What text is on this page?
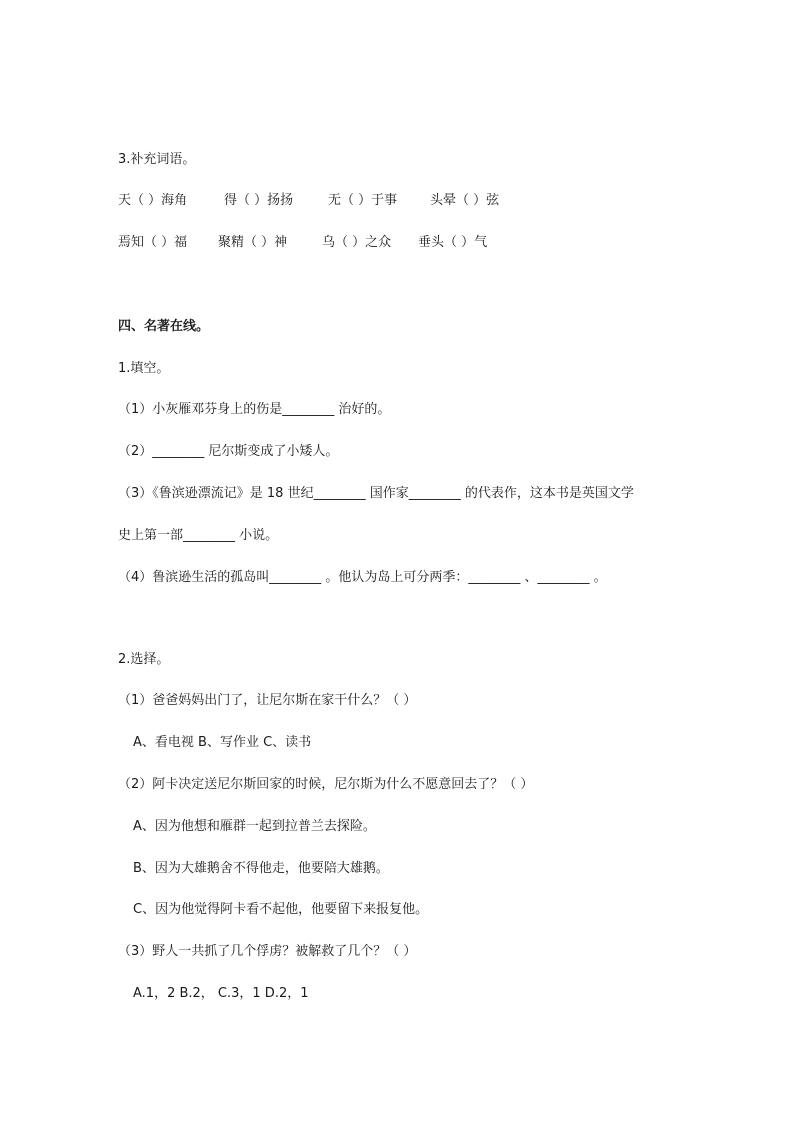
3.补充词语。
天（ ）海角	得（ ）扬扬	无（ ）于事	头晕（ ）弦
焉知（ ）福 聚精（ ）神	乌（ ）之众 垂头（ ）气
四、名著在线。
1.填空。
（1）小灰雁邓芬身上的伤是________ 治好的。
（2）________ 尼尔斯变成了小矮人。
（3）《鲁滨逊漂流记》是 18 世纪________ 国作家________ 的代表作，这本书是英国文学
史上第一部________ 小说。
（4）鲁滨逊生活的孤岛叫________ 。他认为岛上可分两季：________ 、________ 。
2.选择。
（1）爸爸妈妈出门了，让尼尔斯在家干什么？（ ）
A、看电视 B、写作业 C、读书
（2）阿卡决定送尼尔斯回家的时候，尼尔斯为什么不愿意回去了？（ ）
A、因为他想和雁群一起到拉普兰去探险。
B、因为大雄鹅舍不得他走，他要陪大雄鹅。
C、因为他觉得阿卡看不起他，他要留下来报复他。
（3）野人一共抓了几个俘虏？被解救了几个？（ ）
A.1，2 B.2， C.3，1 D.2，1
